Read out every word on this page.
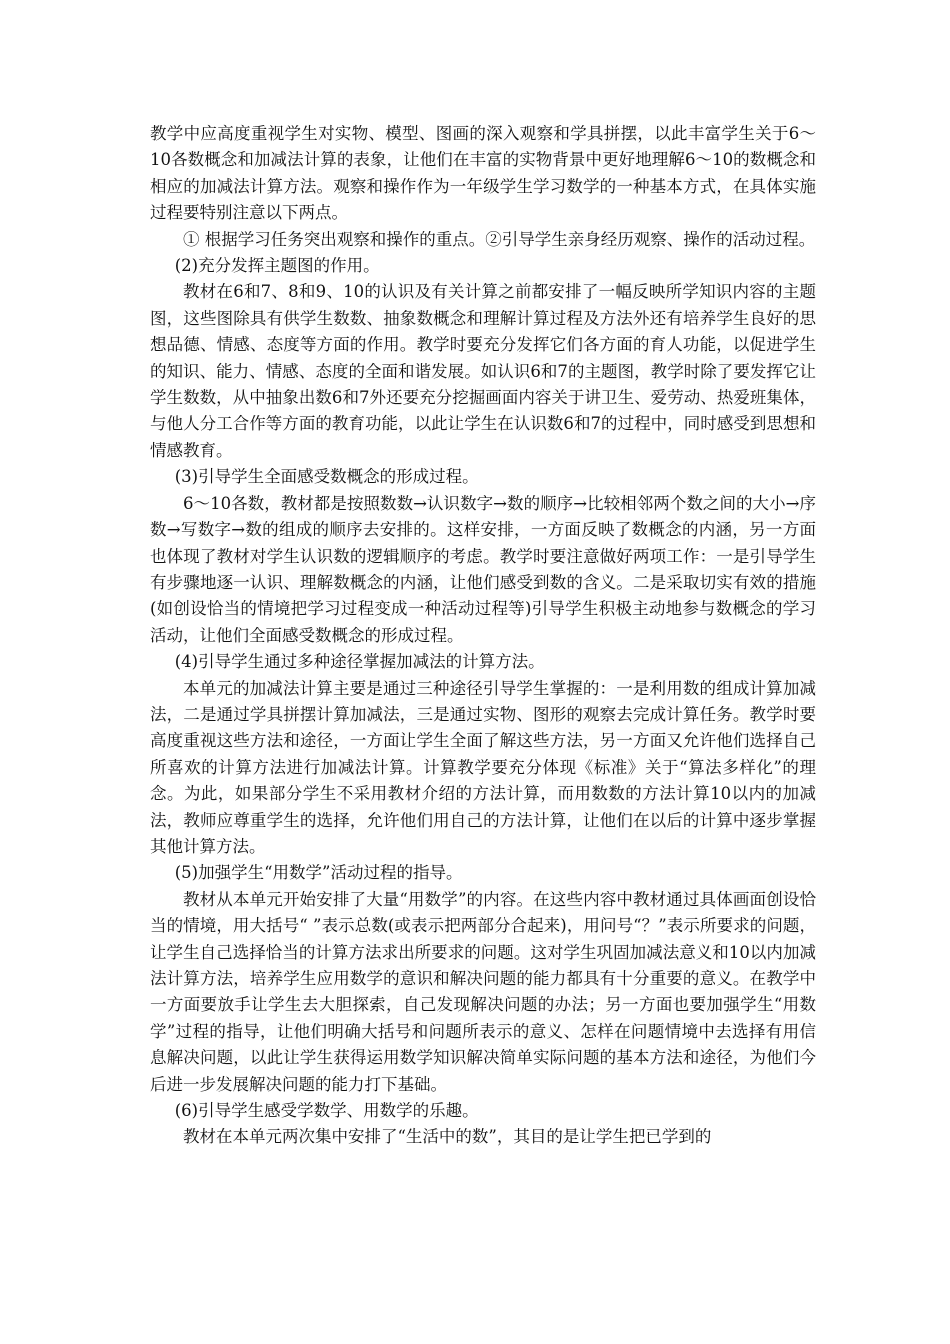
教学中应高度重视学生对实物、模型、图画的深入观察和学具拼摆，以此丰富学生关于6～10各数概念和加减法计算的表象，让他们在丰富的实物背景中更好地理解6～10的数概念和相应的加减法计算方法。观察和操作作为一年级学生学习数学的一种基本方式，在具体实施过程要特别注意以下两点。

① 根据学习任务突出观察和操作的重点。②引导学生亲身经历观察、操作的活动过程。

(2)充分发挥主题图的作用。

教材在6和7、8和9、10的认识及有关计算之前都安排了一幅反映所学知识内容的主题图，这些图除具有供学生数数、抽象数概念和理解计算过程及方法外还有培养学生良好的思想品德、情感、态度等方面的作用。教学时要充分发挥它们各方面的育人功能，以促进学生的知识、能力、情感、态度的全面和谐发展。如认识6和7的主题图，教学时除了要发挥它让学生数数，从中抽象出数6和7外还要充分挖掘画面内容关于讲卫生、爱劳动、热爱班集体，与他人分工合作等方面的教育功能，以此让学生在认识数6和7的过程中，同时感受到思想和情感教育。

(3)引导学生全面感受数概念的形成过程。

6～10各数，教材都是按照数数→认识数字→数的顺序→比较相邻两个数之间的大小→序数→写数字→数的组成的顺序去安排的。这样安排，一方面反映了数概念的内涵，另一方面也体现了教材对学生认识数的逻辑顺序的考虑。教学时要注意做好两项工作：一是引导学生有步骤地逐一认识、理解数概念的内涵，让他们感受到数的含义。二是采取切实有效的措施(如创设恰当的情境把学习过程变成一种活动过程等)引导学生积极主动地参与数概念的学习活动，让他们全面感受数概念的形成过程。

(4)引导学生通过多种途径掌握加减法的计算方法。

本单元的加减法计算主要是通过三种途径引导学生掌握的：一是利用数的组成计算加减法，二是通过学具拼摆计算加减法，三是通过实物、图形的观察去完成计算任务。教学时要高度重视这些方法和途径，一方面让学生全面了解这些方法，另一方面又允许他们选择自己所喜欢的计算方法进行加减法计算。计算教学要充分体现《标准》关于“算法多样化”的理念。为此，如果部分学生不采用教材介绍的方法计算，而用数数的方法计算10以内的加减法，教师应尊重学生的选择，允许他们用自己的方法计算，让他们在以后的计算中逐步掌握其他计算方法。

(5)加强学生“用数学”活动过程的指导。

教材从本单元开始安排了大量“用数学”的内容。在这些内容中教材通过具体画面创设恰当的情境，用大括号“ ”表示总数(或表示把两部分合起来)，用问号“？”表示所要求的问题，让学生自己选择恰当的计算方法求出所要求的问题。这对学生巩固加减法意义和10以内加减法计算方法，培养学生应用数学的意识和解决问题的能力都具有十分重要的意义。在教学中一方面要放手让学生去大胆探索，自己发现解决问题的办法；另一方面也要加强学生“用数学”过程的指导，让他们明确大括号和问题所表示的意义、怎样在问题情境中去选择有用信息解决问题，以此让学生获得运用数学知识解决简单实际问题的基本方法和途径，为他们今后进一步发展解决问题的能力打下基础。

(6)引导学生感受学数学、用数学的乐趣。

教材在本单元两次集中安排了“生活中的数”，其目的是让学生把已学到的
